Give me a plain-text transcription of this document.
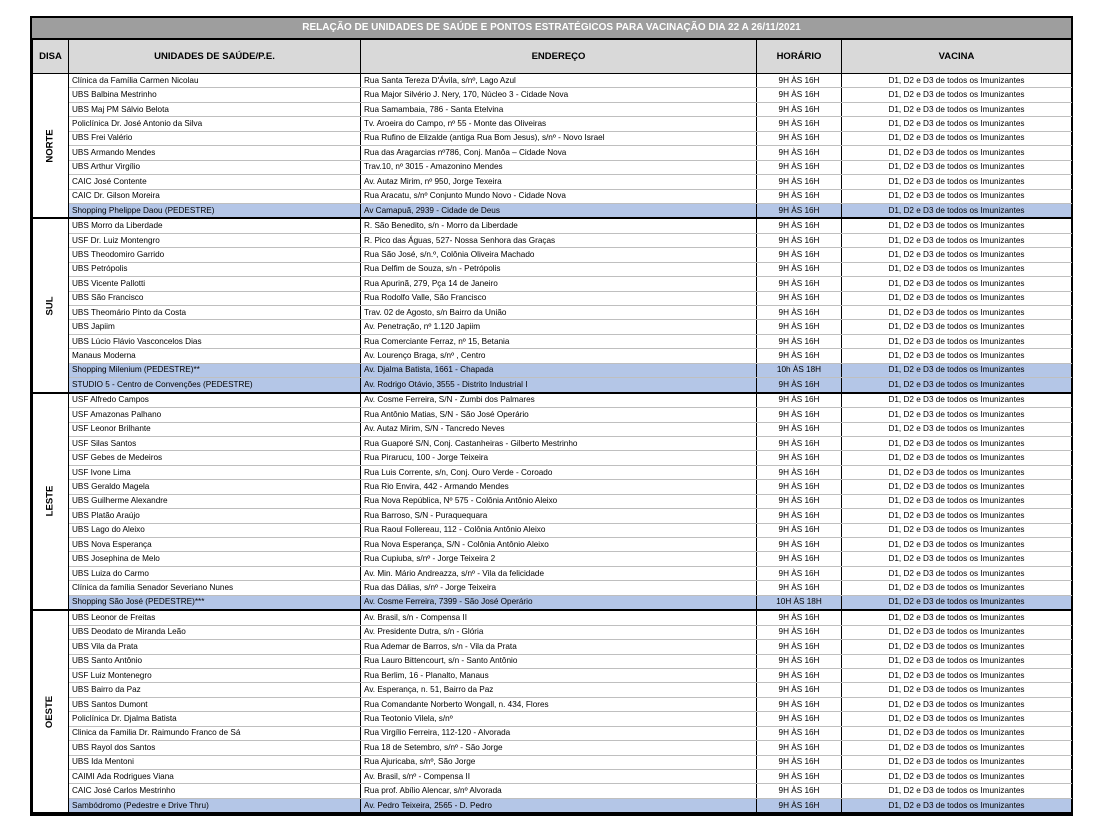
RELAÇÃO DE UNIDADES DE SAÚDE E PONTOS ESTRATÉGICOS PARA VACINAÇÃO DIA 22 A 26/11/2021
DISA	UNIDADES DE SAÚDE/P.E.	ENDEREÇO	HORÁRIO	VACINA
NORTE	Clínica da Família Carmen Nicolau	Rua Santa Tereza D'Ávila, s/nº, Lago Azul	9H ÀS 16H	D1, D2 e D3 de todos os Imunizantes
	UBS Balbina Mestrinho	Rua Major Silvério J. Nery, 170, Núcleo 3 - Cidade Nova	9H ÀS 16H	D1, D2 e D3 de todos os Imunizantes
	UBS Maj PM Sálvio Belota	Rua Samambaia, 786 - Santa Etelvina	9H ÀS 16H	D1, D2 e D3 de todos os Imunizantes
	Policlínica Dr. José Antonio da Silva	Tv. Aroeira do Campo, nº 55 - Monte das Oliveiras	9H ÀS 16H	D1, D2 e D3 de todos os Imunizantes
	UBS Frei Valério	Rua Rufino de Elizalde (antiga Rua Bom Jesus), s/nº - Novo Israel	9H ÀS 16H	D1, D2 e D3 de todos os Imunizantes
	UBS Armando Mendes	Rua das Aragarcias nº786, Conj. Manôa – Cidade Nova	9H ÀS 16H	D1, D2 e D3 de todos os Imunizantes
	UBS Arthur Virgílio	Trav.10, nº 3015 - Amazonino Mendes	9H ÀS 16H	D1, D2 e D3 de todos os Imunizantes
	CAIC José Contente	Av. Autaz Mirim, nº 950, Jorge Texeira	9H ÀS 16H	D1, D2 e D3 de todos os Imunizantes
	CAIC Dr. Gilson Moreira	Rua Aracatu, s/nº Conjunto Mundo Novo - Cidade Nova	9H ÀS 16H	D1, D2 e D3 de todos os Imunizantes
	Shopping Phelippe Daou (PEDESTRE)	Av Camapuã, 2939 - Cidade de Deus	9H ÀS 16H	D1, D2 e D3 de todos os Imunizantes
SUL	UBS Morro da Liberdade	R. São Benedito, s/n - Morro da Liberdade	9H ÀS 16H	D1, D2 e D3 de todos os Imunizantes
	USF Dr. Luiz Montengro	R. Pico das Águas, 527- Nossa Senhora das Graças	9H ÀS 16H	D1, D2 e D3 de todos os Imunizantes
	UBS Theodomiro Garrido	Rua São José, s/n.º, Colônia Oliveira Machado	9H ÀS 16H	D1, D2 e D3 de todos os Imunizantes
	UBS Petrópolis	Rua Delfim de Souza, s/n - Petrópolis	9H ÀS 16H	D1, D2 e D3 de todos os Imunizantes
	UBS Vicente Pallotti	Rua Apurinã, 279, Pça 14 de Janeiro	9H ÀS 16H	D1, D2 e D3 de todos os Imunizantes
	UBS São Francisco	Rua Rodolfo Valle, São Francisco	9H ÀS 16H	D1, D2 e D3 de todos os Imunizantes
	UBS Theomário Pinto da Costa	Trav. 02 de Agosto, s/n Bairro da União	9H ÀS 16H	D1, D2 e D3 de todos os Imunizantes
	UBS Japiim	Av. Penetração, nº 1.120 Japiim	9H ÀS 16H	D1, D2 e D3 de todos os Imunizantes
	UBS Lúcio Flávio Vasconcelos Dias	Rua Comerciante Ferraz, nº 15, Betania	9H ÀS 16H	D1, D2 e D3 de todos os Imunizantes
	Manaus Moderna	Av. Lourenço Braga, s/nº , Centro	9H ÀS 16H	D1, D2 e D3 de todos os Imunizantes
	Shopping Milenium (PEDESTRE)**	Av. Djalma Batista, 1661 - Chapada	10h ÀS 18H	D1, D2 e D3 de todos os Imunizantes
	STUDIO 5 - Centro de Convenções (PEDESTRE)	Av. Rodrigo Otávio, 3555 - Distrito Industrial I	9H ÀS 16H	D1, D2 e D3 de todos os Imunizantes
LESTE	USF Alfredo Campos	Av. Cosme Ferreira, S/N - Zumbi dos Palmares	9H ÀS 16H	D1, D2 e D3 de todos os Imunizantes
	USF Amazonas Palhano	Rua Antônio Matias, S/N - São José Operário	9H ÀS 16H	D1, D2 e D3 de todos os Imunizantes
	USF Leonor Brilhante	Av. Autaz Mirim, S/N - Tancredo Neves	9H ÀS 16H	D1, D2 e D3 de todos os Imunizantes
	USF Silas Santos	Rua Guaporé S/N, Conj. Castanheiras - Gilberto Mestrinho	9H ÀS 16H	D1, D2 e D3 de todos os Imunizantes
	USF Gebes de Medeiros	Rua Pirarucu, 100 - Jorge Teixeira	9H ÀS 16H	D1, D2 e D3 de todos os Imunizantes
	USF Ivone Lima	Rua Luis Corrente, s/n, Conj. Ouro Verde - Coroado	9H ÀS 16H	D1, D2 e D3 de todos os Imunizantes
	UBS Geraldo Magela	Rua Rio Envira, 442 - Armando Mendes	9H ÀS 16H	D1, D2 e D3 de todos os Imunizantes
	UBS Guilherme Alexandre	Rua Nova República, Nº 575 - Colônia Antônio Aleixo	9H ÀS 16H	D1, D2 e D3 de todos os Imunizantes
	UBS Platão Araújo	Rua Barroso, S/N - Puraquequara	9H ÀS 16H	D1, D2 e D3 de todos os Imunizantes
	UBS Lago do Aleixo	Rua Raoul Follereau, 112 - Colônia Antônio Aleixo	9H ÀS 16H	D1, D2 e D3 de todos os Imunizantes
	UBS Nova Esperança	Rua Nova Esperança, S/N - Colônia Antônio Aleixo	9H ÀS 16H	D1, D2 e D3 de todos os Imunizantes
	UBS Josephina de Melo	Rua Cupiuba, s/nº - Jorge Teixeira 2	9H ÀS 16H	D1, D2 e D3 de todos os Imunizantes
	UBS Luiza do Carmo	Av. Min. Mário Andreazza, s/nº - Vila da felicidade	9H ÀS 16H	D1, D2 e D3 de todos os Imunizantes
	Clínica da família Senador Severiano Nunes	Rua das Dálias, s/nº - Jorge Teixeira	9H ÀS 16H	D1, D2 e D3 de todos os Imunizantes
	Shopping São José (PEDESTRE)***	Av. Cosme Ferreira, 7399 - São José Operário	10H ÀS 18H	D1, D2 e D3 de todos os Imunizantes
OESTE	UBS Leonor de Freitas	Av. Brasil, s/n - Compensa II	9H ÀS 16H	D1, D2 e D3 de todos os Imunizantes
	UBS Deodato de Miranda Leão	Av. Presidente Dutra, s/n - Glória	9H ÀS 16H	D1, D2 e D3 de todos os Imunizantes
	UBS Vila da Prata	Rua Ademar de Barros, s/n - Vila da Prata	9H ÀS 16H	D1, D2 e D3 de todos os Imunizantes
	UBS Santo Antônio	Rua Lauro Bittencourt, s/n - Santo Antônio	9H ÀS 16H	D1, D2 e D3 de todos os Imunizantes
	USF Luiz Montenegro	Rua Berlim, 16 - Planalto, Manaus	9H ÀS 16H	D1, D2 e D3 de todos os Imunizantes
	UBS Bairro da Paz	Av. Esperança, n. 51, Bairro da Paz	9H ÀS 16H	D1, D2 e D3 de todos os Imunizantes
	UBS Santos Dumont	Rua Comandante Norberto Wongall, n. 434, Flores	9H ÀS 16H	D1, D2 e D3 de todos os Imunizantes
	Policlínica Dr. Djalma Batista	Rua Teotonio Vilela, s/nº	9H ÀS 16H	D1, D2 e D3 de todos os Imunizantes
	Clinica da Familia Dr. Raimundo Franco de Sá	Rua Virgílio Ferreira, 112-120 - Alvorada	9H ÀS 16H	D1, D2 e D3 de todos os Imunizantes
	UBS Rayol dos Santos	Rua 18 de Setembro, s/nº - São Jorge	9H ÀS 16H	D1, D2 e D3 de todos os Imunizantes
	UBS Ida Mentoni	Rua Ajuricaba, s/nº, São Jorge	9H ÀS 16H	D1, D2 e D3 de todos os Imunizantes
	CAIMI Ada Rodrigues Viana	Av. Brasil, s/nº - Compensa II	9H ÀS 16H	D1, D2 e D3 de todos os Imunizantes
	CAIC José Carlos Mestrinho	Rua prof. Abílio Alencar, s/nº Alvorada	9H ÀS 16H	D1, D2 e D3 de todos os Imunizantes
	Sambódromo (Pedestre e Drive Thru)	Av. Pedro Teixeira, 2565 - D. Pedro	9H ÀS 16H	D1, D2 e D3 de todos os Imunizantes
